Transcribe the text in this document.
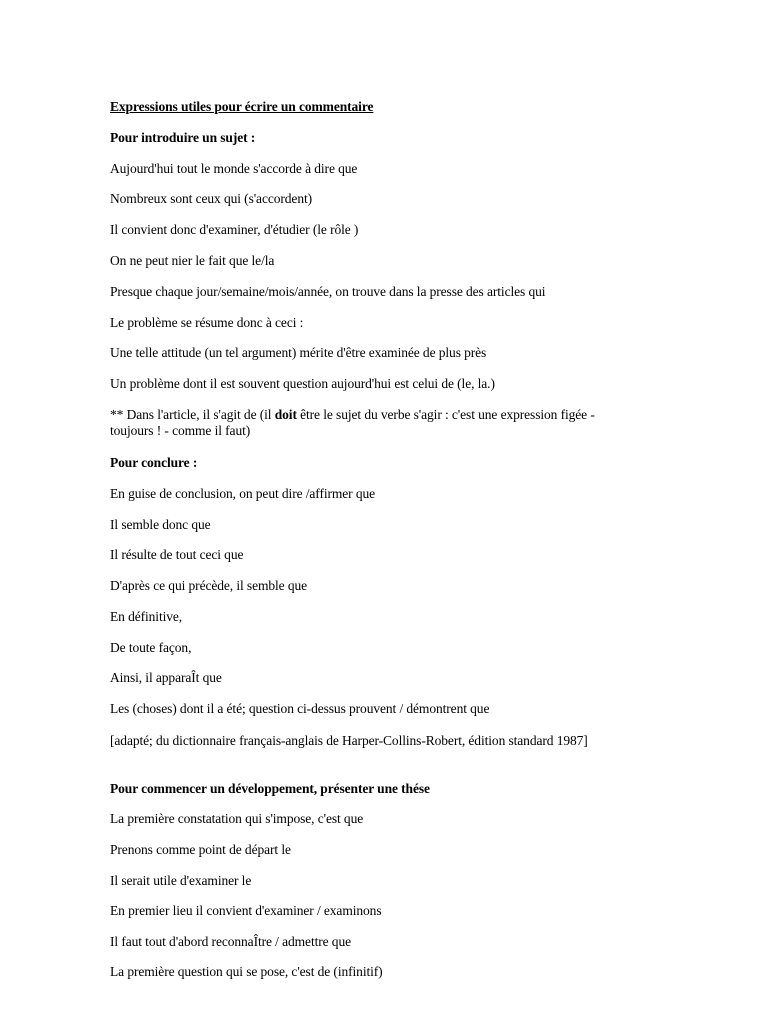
Expressions utiles pour écrire un commentaire
Pour introduire un sujet :
Aujourd'hui tout le monde s'accorde à dire que
Nombreux sont ceux qui (s'accordent)
Il convient donc d'examiner, d'étudier (le rôle )
On ne peut nier le fait que le/la
Presque chaque jour/semaine/mois/année, on trouve dans la presse des articles qui
Le problème se résume donc à ceci :
Une telle attitude (un tel argument) mérite d'être examinée de plus près
Un problème dont il est souvent question aujourd'hui est celui de (le, la.)
** Dans l'article, il s'agit de (il doit être le sujet du verbe s'agir : c'est une expression figée - toujours ! - comme il faut)
Pour conclure :
En guise de conclusion, on peut dire /affirmer que
Il semble donc que
Il résulte de tout ceci que
D'après ce qui précède, il semble que
En définitive,
De toute façon,
Ainsi, il apparaÎt que
Les (choses) dont il a été; question ci-dessus prouvent / démontrent que
[adapté; du dictionnaire français-anglais de Harper-Collins-Robert, édition standard 1987]
Pour commencer un développement, présenter une thése
La première constatation qui s'impose, c'est que
Prenons comme point de départ le
Il serait utile d'examiner le
En premier lieu il convient d'examiner / examinons
Il faut tout d'abord reconnaÎtre / admettre que
La première question qui se pose, c'est de (infinitif)
